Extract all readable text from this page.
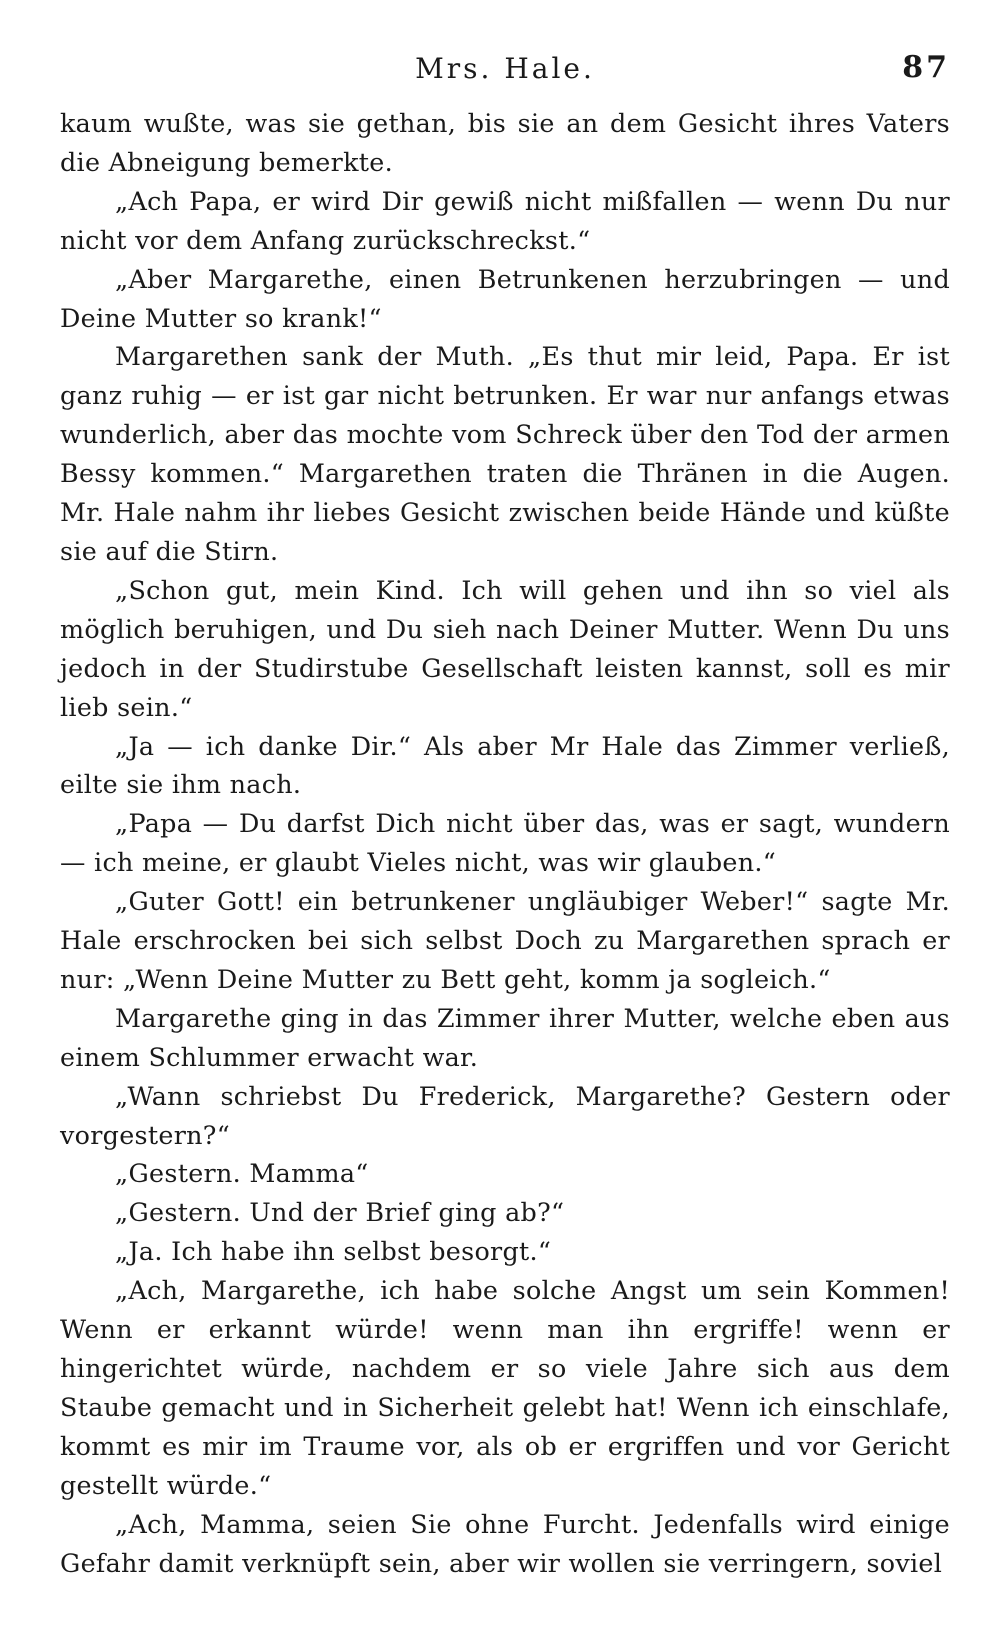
Mrs. Hale.	87

kaum wußte, was sie gethan, bis sie an dem Gesicht ihres Vaters die Abneigung bemerkte.

„Ach Papa, er wird Dir gewiß nicht mißfallen — wenn Du nur nicht vor dem Anfang zurückschreckst.“

„Aber Margarethe, einen Betrunkenen herzubringen — und Deine Mutter so krank!“

Margarethen sank der Muth. „Es thut mir leid, Papa. Er ist ganz ruhig — er ist gar nicht betrunken. Er war nur anfangs etwas wunderlich, aber das mochte vom Schreck über den Tod der armen Bessy kommen.“ Margarethen traten die Thränen in die Augen. Mr. Hale nahm ihr liebes Gesicht zwischen beide Hände und küßte sie auf die Stirn.

„Schon gut, mein Kind. Ich will gehen und ihn so viel als möglich beruhigen, und Du sieh nach Deiner Mutter. Wenn Du uns jedoch in der Studirstube Gesellschaft leisten kannst, soll es mir lieb sein.“

„Ja — ich danke Dir.“ Als aber Mr Hale das Zimmer verließ, eilte sie ihm nach.

„Papa — Du darfst Dich nicht über das, was er sagt, wundern — ich meine, er glaubt Vieles nicht, was wir glauben.“

„Guter Gott! ein betrunkener ungläubiger Weber!“ sagte Mr. Hale erschrocken bei sich selbst Doch zu Margarethen sprach er nur: „Wenn Deine Mutter zu Bett geht, komm ja sogleich.“

Margarethe ging in das Zimmer ihrer Mutter, welche eben aus einem Schlummer erwacht war.

„Wann schriebst Du Frederick, Margarethe? Gestern oder vorgestern?“

„Gestern. Mamma“

„Gestern. Und der Brief ging ab?“

„Ja. Ich habe ihn selbst besorgt.“

„Ach, Margarethe, ich habe solche Angst um sein Kommen! Wenn er erkannt würde! wenn man ihn ergriffe! wenn er hingerichtet würde, nachdem er so viele Jahre sich aus dem Staube gemacht und in Sicherheit gelebt hat! Wenn ich einschlafe, kommt es mir im Traume vor, als ob er ergriffen und vor Gericht gestellt würde.“

„Ach, Mamma, seien Sie ohne Furcht. Jedenfalls wird einige Gefahr damit verknüpft sein, aber wir wollen sie verringern, soviel
